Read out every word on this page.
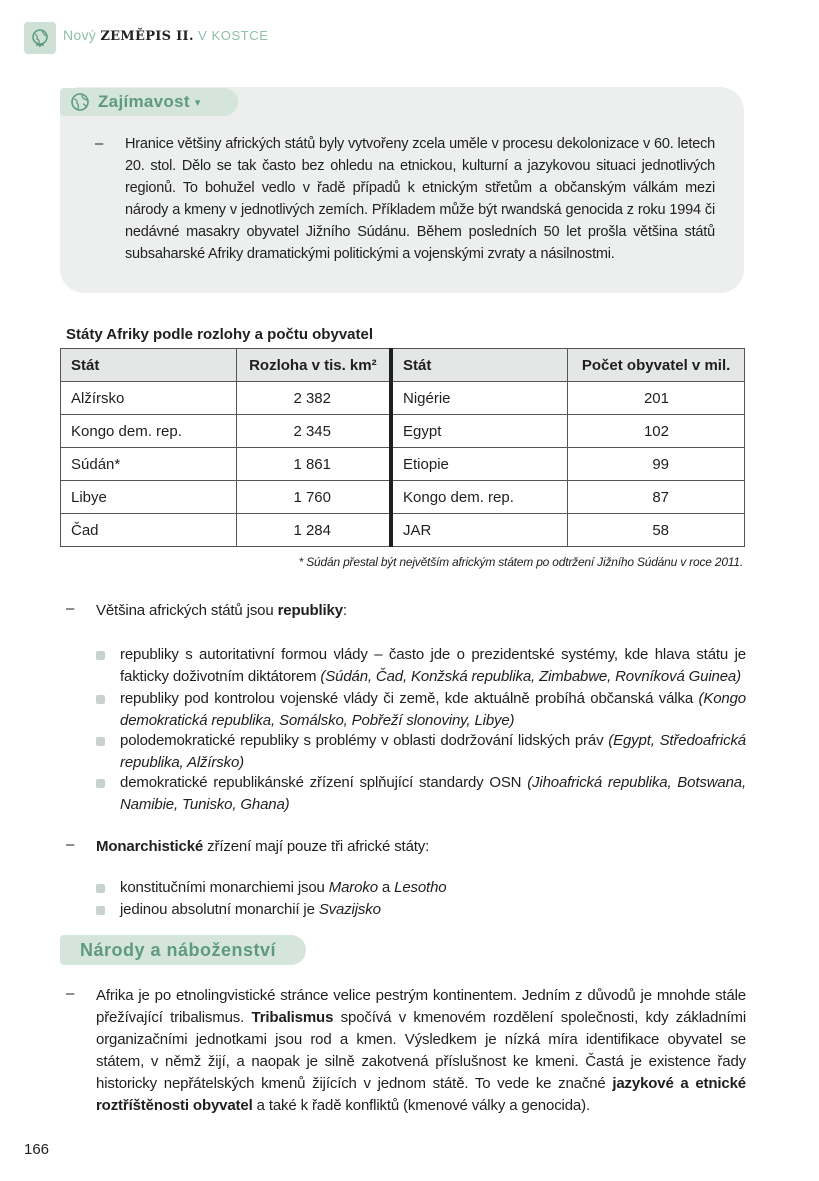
Nový ZEMĚPIS II. V KOSTCE
Zajímavost ▾
– Hranice většiny afrických států byly vytvořeny zcela uměle v procesu dekolonizace v 60. letech 20. stol. Dělo se tak často bez ohledu na etnickou, kulturní a jazykovou situaci jednotlivých regionů. To bohužel vedlo v řadě případů k etnickým střetům a občanským válkám mezi národy a kmeny v jednotlivých zemích. Příkladem může být rwandská genocida z roku 1994 či nedávné masakry obyvatel Jižního Súdánu. Během posledních 50 let prošla většina států subsaharské Afriky dramatickými politickými a vojenskými zvraty a násilnostmi.
Státy Afriky podle rozlohy a počtu obyvatel
Stát	Rozloha v tis. km²	Stát	Počet obyvatel v mil.
Alžírsko	2 382	Nigérie	201
Kongo dem. rep.	2 345	Egypt	102
Súdán*	1 861	Etiopie	99
Libye	1 760	Kongo dem. rep.	87
Čad	1 284	JAR	58
* Súdán přestal být největším africkým státem po odtržení Jižního Súdánu v roce 2011.
– Většina afrických států jsou republiky:
republiky s autoritativní formou vlády – často jde o prezidentské systémy, kde hlava státu je fakticky doživotním diktátorem (Súdán, Čad, Konžská republika, Zimbabwe, Rovníková Guinea)
republiky pod kontrolou vojenské vlády či země, kde aktuálně probíhá občanská válka (Kongo demokratická republika, Somálsko, Pobřeží slonoviny, Libye)
polodemokratické republiky s problémy v oblasti dodržování lidských práv (Egypt, Středoafrická republika, Alžírsko)
demokratické republikánské zřízení splňující standardy OSN (Jihoafrická republika, Botswana, Namibie, Tunisko, Ghana)
– Monarchistické zřízení mají pouze tři africké státy:
konstitučními monarchiemi jsou Maroko a Lesotho
jedinou absolutní monarchií je Svazijsko
Národy a náboženství
– Afrika je po etnolingvistické stránce velice pestrým kontinentem. Jedním z důvodů je mnohde stále přežívající tribalismus. Tribalismus spočívá v kmenovém rozdělení společnosti, kdy základními organizačními jednotkami jsou rod a kmen. Výsledkem je nízká míra identifikace obyvatel se státem, v němž žijí, a naopak je silně zakotvená příslušnost ke kmeni. Častá je existence řady historicky nepřátelských kmenů žijících v jednom státě. To vede ke značné jazykové a etnické roztříštěnosti obyvatel a také k řadě konfliktů (kmenové války a genocida).
166
